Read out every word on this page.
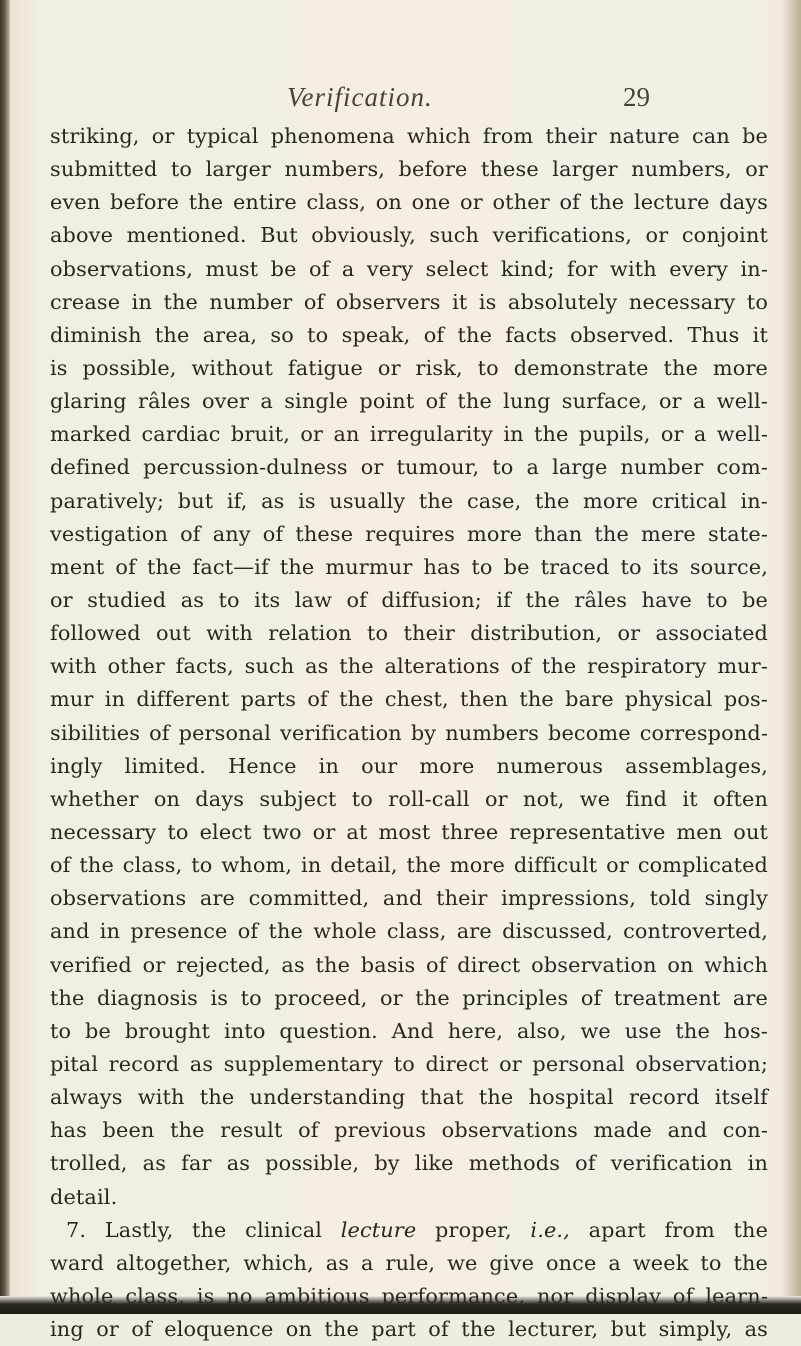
Verification.	29
striking, or typical phenomena which from their nature can be
submitted to larger numbers, before these larger numbers, or
even before the entire class, on one or other of the lecture days
above mentioned. But obviously, such verifications, or conjoint
observations, must be of a very select kind; for with every in-
crease in the number of observers it is absolutely necessary to
diminish the area, so to speak, of the facts observed. Thus it
is possible, without fatigue or risk, to demonstrate the more
glaring râles over a single point of the lung surface, or a well-
marked cardiac bruit, or an irregularity in the pupils, or a well-
defined percussion-dulness or tumour, to a large number com-
paratively; but if, as is usually the case, the more critical in-
vestigation of any of these requires more than the mere state-
ment of the fact—if the murmur has to be traced to its source,
or studied as to its law of diffusion; if the râles have to be
followed out with relation to their distribution, or associated
with other facts, such as the alterations of the respiratory mur-
mur in different parts of the chest, then the bare physical pos-
sibilities of personal verification by numbers become correspond-
ingly limited. Hence in our more numerous assemblages,
whether on days subject to roll-call or not, we find it often
necessary to elect two or at most three representative men out
of the class, to whom, in detail, the more difficult or complicated
observations are committed, and their impressions, told singly
and in presence of the whole class, are discussed, controverted,
verified or rejected, as the basis of direct observation on which
the diagnosis is to proceed, or the principles of treatment are
to be brought into question. And here, also, we use the hos-
pital record as supplementary to direct or personal observation;
always with the understanding that the hospital record itself
has been the result of previous observations made and con-
trolled, as far as possible, by like methods of verification in
detail.
7. Lastly, the clinical lecture proper, i.e., apart from the
ward altogether, which, as a rule, we give once a week to the
whole class, is no ambitious performance, nor display of learn-
ing or of eloquence on the part of the lecturer, but simply, as
